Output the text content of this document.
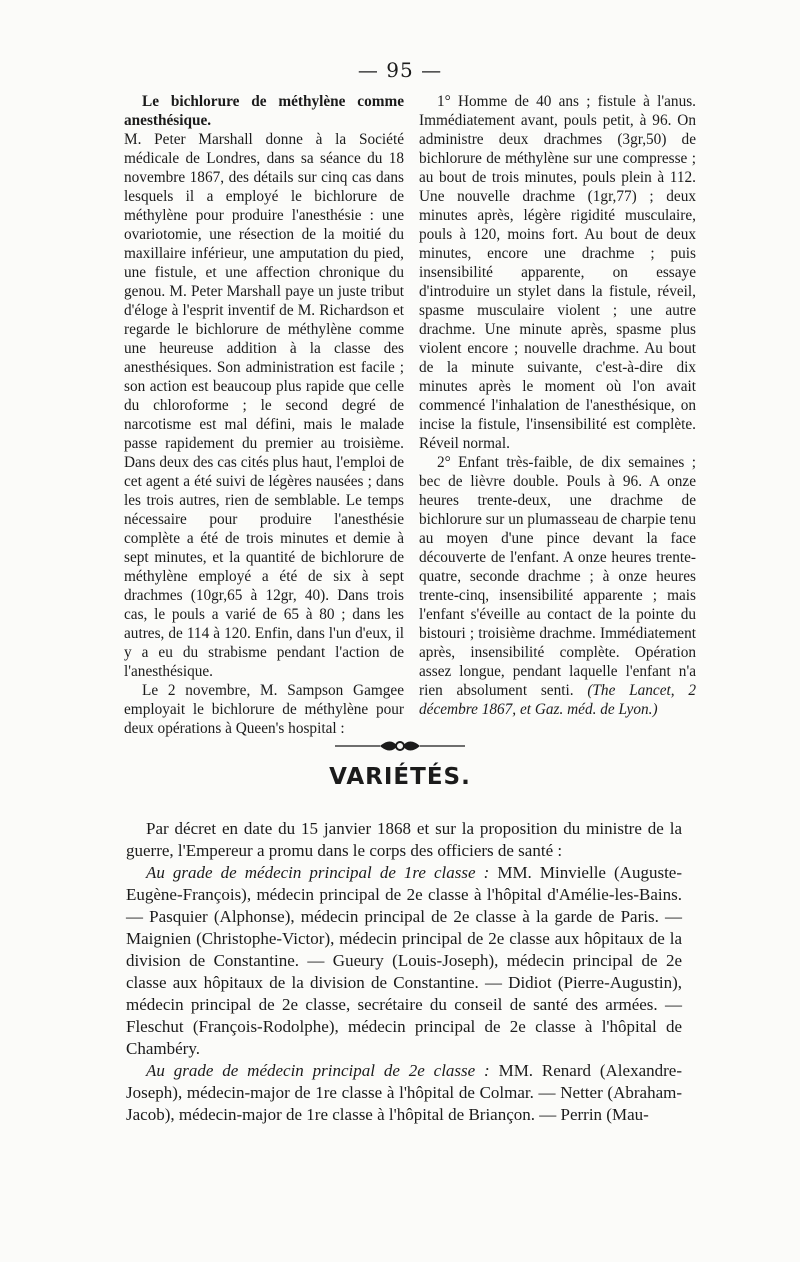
— 95 —

Le bichlorure de méthylène comme anesthésique.

M. Peter Marshall donne à la Société médicale de Londres, dans sa séance du 18 novembre 1867, des détails sur cinq cas dans lesquels il a employé le bichlorure de méthylène pour produire l'anesthésie : une ovariotomie, une résection de la moitié du maxillaire inférieur, une amputation du pied, une fistule, et une affection chronique du genou. M. Peter Marshall paye un juste tribut d'éloge à l'esprit inventif de M. Richardson et regarde le bichlorure de méthylène comme une heureuse addition à la classe des anesthésiques. Son administration est facile ; son action est beaucoup plus rapide que celle du chloroforme ; le second degré de narcotisme est mal défini, mais le malade passe rapidement du premier au troisième. Dans deux des cas cités plus haut, l'emploi de cet agent a été suivi de légères nausées ; dans les trois autres, rien de semblable. Le temps nécessaire pour produire l'anesthésie complète a été de trois minutes et demie à sept minutes, et la quantité de bichlorure de méthylène employé a été de six à sept drachmes (10gr,65 à 12gr, 40). Dans trois cas, le pouls a varié de 65 à 80 ; dans les autres, de 114 à 120. Enfin, dans l'un d'eux, il y a eu du strabisme pendant l'action de l'anesthésique.

Le 2 novembre, M. Sampson Gamgee employait le bichlorure de méthylène pour deux opérations à Queen's hospital :

1° Homme de 40 ans ; fistule à l'anus. Immédiatement avant, pouls petit, à 96. On administre deux drachmes (3gr,50) de bichlorure de méthylène sur une compresse ; au bout de trois minutes, pouls plein à 112. Une nouvelle drachme (1gr,77) ; deux minutes après, légère rigidité musculaire, pouls à 120, moins fort. Au bout de deux minutes, encore une drachme ; puis insensibilité apparente, on essaye d'introduire un stylet dans la fistule, réveil, spasme musculaire violent ; une autre drachme. Une minute après, spasme plus violent encore ; nouvelle drachme. Au bout de la minute suivante, c'est-à-dire dix minutes après le moment où l'on avait commencé l'inhalation de l'anesthésique, on incise la fistule, l'insensibilité est complète. Réveil normal.

2° Enfant très-faible, de dix semaines ; bec de lièvre double. Pouls à 96. A onze heures trente-deux, une drachme de bichlorure sur un plumasseau de charpie tenu au moyen d'une pince devant la face découverte de l'enfant. A onze heures trente-quatre, seconde drachme ; à onze heures trente-cinq, insensibilité apparente ; mais l'enfant s'éveille au contact de la pointe du bistouri ; troisième drachme. Immédiatement après, insensibilité complète. Opération assez longue, pendant laquelle l'enfant n'a rien absolument senti. (The Lancet, 2 décembre 1867, et Gaz. méd. de Lyon.)

VARIÉTÉS.

Par décret en date du 15 janvier 1868 et sur la proposition du ministre de la guerre, l'Empereur a promu dans le corps des officiers de santé :

Au grade de médecin principal de 1re classe : MM. Minvielle (Auguste-Eugène-François), médecin principal de 2e classe à l'hôpital d'Amélie-les-Bains. — Pasquier (Alphonse), médecin principal de 2e classe à la garde de Paris. — Maignien (Christophe-Victor), médecin principal de 2e classe aux hôpitaux de la division de Constantine. — Gueury (Louis-Joseph), médecin principal de 2e classe aux hôpitaux de la division de Constantine. — Didiot (Pierre-Augustin), médecin principal de 2e classe, secrétaire du conseil de santé des armées. — Fleschut (François-Rodolphe), médecin principal de 2e classe à l'hôpital de Chambéry.

Au grade de médecin principal de 2e classe : MM. Renard (Alexandre-Joseph), médecin-major de 1re classe à l'hôpital de Colmar. — Netter (Abraham-Jacob), médecin-major de 1re classe à l'hôpital de Briançon. — Perrin (Mau-
